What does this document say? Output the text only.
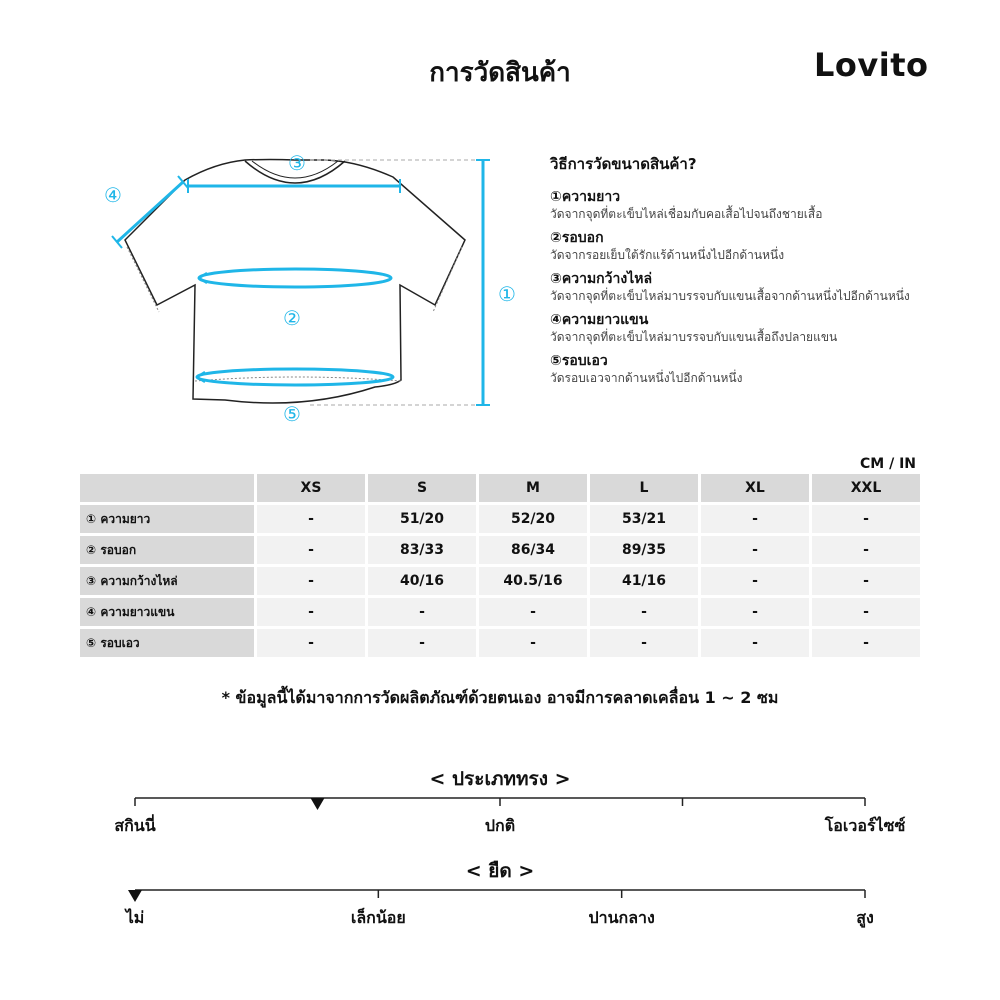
การวัดสินค้า	Lovito
①
②
③
④
⑤
วิธีการวัดขนาดสินค้า?
①ความยาว
วัดจากจุดที่ตะเข็บไหล่เชื่อมกับคอเสื้อไปจนถึงชายเสื้อ
②รอบอก
วัดจากรอยเย็บใต้รักแร้ด้านหนึ่งไปอีกด้านหนึ่ง
③ความกว้างไหล่
วัดจากจุดที่ตะเข็บไหล่มาบรรจบกับแขนเสื้อจากด้านหนึ่งไปอีกด้านหนึ่ง
④ความยาวแขน
วัดจากจุดที่ตะเข็บไหล่มาบรรจบกับแขนเสื้อถึงปลายแขน
⑤รอบเอว
วัดรอบเอวจากด้านหนึ่งไปอีกด้านหนึ่ง
CM / IN
	XS	S	M	L	XL	XXL
① ความยาว	-	51/20	52/20	53/21	-	-
② รอบอก	-	83/33	86/34	89/35	-	-
③ ความกว้างไหล่	-	40/16	40.5/16	41/16	-	-
④ ความยาวแขน	-	-	-	-	-	-
⑤ รอบเอว	-	-	-	-	-	-
* ข้อมูลนี้ได้มาจากการวัดผลิตภัณฑ์ด้วยตนเอง อาจมีการคลาดเคลื่อน 1 ~ 2 ซม
< ประเภททรง >
สกินนี่	ปกติ	โอเวอร์ไซซ์
< ยืด >
ไม่	เล็กน้อย	ปานกลาง	สูง
